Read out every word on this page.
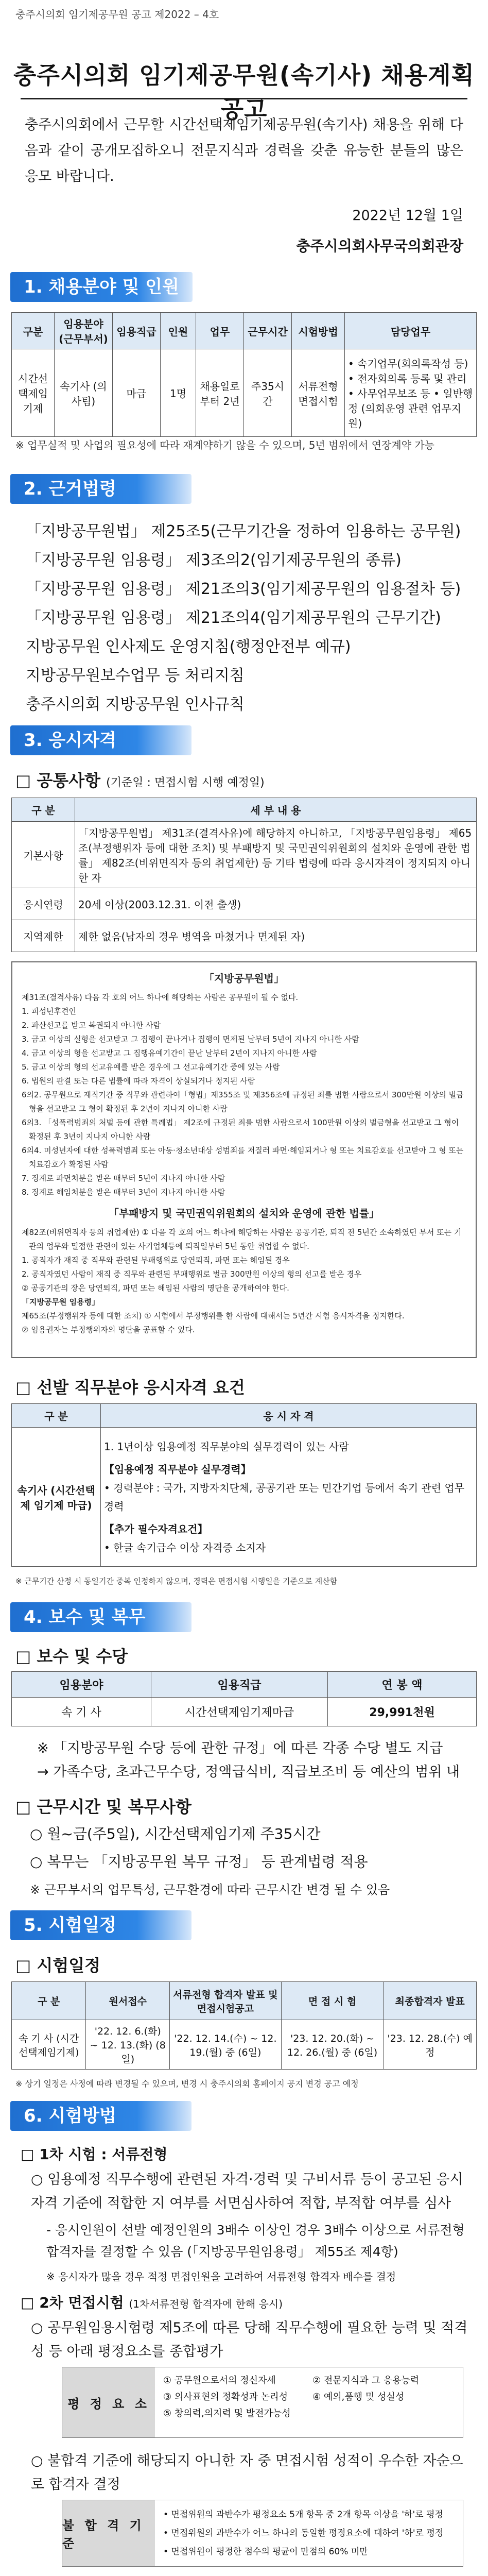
충주시의회 임기제공무원 공고 제2022 – 4호
충주시의회 임기제공무원(속기사) 채용계획 공고
충주시의회에서 근무할 시간선택제임기제공무원(속기사) 채용을 위해 다음과 같이 공개모집하오니 전문지식과 경력을 갖춘 유능한 분들의 많은 응모 바랍니다.
2022년 12월 1일
충주시의회사무국의회관장
1. 채용분야 및 인원
구분	임용분야 (근무부서)	임용직급	인원	업무	근무시간	시험방법	담당업무
시간선택제임기제	속기사 (의사팀)	마급	1명	채용일로부터 2년	주35시간	서류전형 면접시험	• 속기업무(회의록작성 등) • 전자회의록 등록 및 관리 • 사무업무보조 등 • 일반행정 (의회운영 관련 업무지원)
※ 업무실적 및 사업의 필요성에 따라 재계약하기 않을 수 있으며, 5년 범위에서 연장계약 가능
2. 근거법령
「지방공무원법」 제25조5(근무기간을 정하여 임용하는 공무원)
「지방공무원 임용령」 제3조의2(임기제공무원의 종류)
「지방공무원 임용령」 제21조의3(임기제공무원의 임용절차 등)
「지방공무원 임용령」 제21조의4(임기제공무원의 근무기간)
지방공무원 인사제도 운영지침(행정안전부 예규)
지방공무원보수업무 등 처리지침
충주시의회 지방공무원 인사규칙
3. 응시자격
□ 공통사항 (기준일 : 면접시험 시행 예정일)
구 분	세 부 내 용
기본사항	「지방공무원법」 제31조(결격사유)에 해당하지 아니하고, 「지방공무원임용령」 제65조(부정행위자 등에 대한 조치) 및 부패방지 및 국민권익위원회의 설치와 운영에 관한 법률」 제82조(비위면직자 등의 취업제한) 등 기타 법령에 따라 응시자격이 정지되지 아니한 자
응시연령	20세 이상(2003.12.31. 이전 출생)
지역제한	제한 없음(남자의 경우 병역을 마쳤거나 면제된 자)
「지방공무원법」

제31조(결격사유) 다음 각 호의 어느 하나에 해당하는 사람은 공무원이 될 수 없다.

1. 피성년후견인

2. 파산선고를 받고 복권되지 아니한 사람

3. 금고 이상의 실형을 선고받고 그 집행이 끝나거나 집행이 면제된 날부터 5년이 지나지 아니한 사람

4. 금고 이상의 형을 선고받고 그 집행유예기간이 끝난 날부터 2년이 지나지 아니한 사람

5. 금고 이상의 형의 선고유예를 받은 경우에 그 선고유예기간 중에 있는 사람

6. 법원의 판결 또는 다른 법률에 따라 자격이 상실되거나 정지된 사람

6의2. 공무원으로 재직기간 중 직무와 관련하여「형법」제355조 및 제356조에 규정된 죄를 범한 사람으로서 300만원 이상의 벌금형을 선고받고 그 형이 확정된 후 2년이 지나지 아니한 사람

6의3. 「성폭력범죄의 처벌 등에 관한 특례법」 제2조에 규정된 죄를 범한 사람으로서 100만원 이상의 벌금형을 선고받고 그 형이 확정된 후 3년이 지나지 아니한 사람

6의4. 미성년자에 대한 성폭력범죄 또는 아동·청소년대상 성범죄를 저질러 파면·해임되거나 형 또는 치료감호를 선고받아 그 형 또는 치료감호가 확정된 사람

7. 징계로 파면처분을 받은 때부터 5년이 지나지 아니한 사람

8. 징계로 해임처분을 받은 때부터 3년이 지나지 아니한 사람

「부패방지 및 국민권익위원회의 설치와 운영에 관한 법률」

제82조(비위면직자 등의 취업제한) ① 다음 각 호의 어느 하나에 해당하는 사람은 공공기관, 퇴직 전 5년간 소속하였던 부서 또는 기관의 업무와 밀접한 관련이 있는 사기업체등에 퇴직일부터 5년 동안 취업할 수 없다.

1. 공직자가 재직 중 직무와 관련된 부패행위로 당연퇴직, 파면 또는 해임된 경우

2. 공직자였던 사람이 재직 중 직무와 관련된 부패행위로 벌금 300만원 이상의 형의 선고를 받은 경우

② 공공기관의 장은 당연퇴직, 파면 또는 해임된 사람의 명단을 공개하여야 한다.

「지방공무원 임용령」

제65조(부정행위자 등에 대한 조치) ① 시험에서 부정행위를 한 사람에 대해서는 5년간 시험 응시자격을 정지한다.

② 임용권자는 부정행위자의 명단을 공표할 수 있다.

□ 선발 직무분야 응시자격 요건
구 분	응 시 자 격
속기사 (시간선택제 임기제 마급)	1. 1년이상 임용예정 직무분야의 실무경력이 있는 사람
【임용예정 직무분야 실무경력】
• 경력분야 : 국가, 지방자치단체, 공공기관 또는 민간기업 등에서 속기 관련 업무 경력
【추가 필수자격요건】
• 한글 속기급수 이상 자격증 소지자
※ 근무기간 산정 시 동일기간 중복 인정하지 않으며, 경력은 면접시험 시행일을 기준으로 계산함
4. 보수 및 복무
□ 보수 및 수당
임용분야	임용직급	연 봉 액
속 기 사	시간선택제임기제마급	29,991천원
※ 「지방공무원 수당 등에 관한 규정」에 따른 각종 수당 별도 지급
→ 가족수당, 초과근무수당, 정액급식비, 직급보조비 등 예산의 범위 내
□ 근무시간 및 복무사항
○ 월~금(주5일), 시간선택제임기제 주35시간
○ 복무는 「지방공무원 복무 규정」 등 관계법령 적용
※ 근무부서의 업무특성, 근무환경에 따라 근무시간 변경 될 수 있음
5. 시험일정
□ 시험일정
구 분	원서접수	서류전형 합격자 발표 및 면접시험공고	면 접 시 험	최종합격자 발표
속 기 사 (시간선택제임기제)	'22. 12. 6.(화) ~ 12. 13.(화) (8일)	'22. 12. 14.(수) ~ 12. 19.(월) 중 (6일)	'23. 12. 20.(화) ~ 12. 26.(월) 중 (6일)	'23. 12. 28.(수) 예정
※ 상기 일정은 사정에 따라 변경될 수 있으며, 변경 시 충주시의회 홈페이지 공지 변경 공고 예정
6. 시험방법
□ 1차 시험 : 서류전형
○ 임용예정 직무수행에 관련된 자격·경력 및 구비서류 등이 공고된 응시자격 기준에 적합한 지 여부를 서면심사하여 적합, 부적합 여부를 심사
- 응시인원이 선발 예정인원의 3배수 이상인 경우 3배수 이상으로 서류전형 합격자를 결정할 수 있음 (「지방공무원임용령」 제55조 제4항)
※ 응시자가 많을 경우 적정 면접인원을 고려하여 서류전형 합격자 배수를 결정
□ 2차 면접시험 (1차서류전형 합격자에 한해 응시)
○ 공무원임용시험령 제5조에 따른 당해 직무수행에 필요한 능력 및 적격성 등 아래 평정요소를 종합평가
평 정 요 소
① 공무원으로서의 정신자세	② 전문지식과 그 응용능력
③ 의사표현의 정확성과 논리성	④ 예의,품행 및 성실성
⑤ 창의력,의지력 및 발전가능성
○ 불합격 기준에 해당되지 아니한 자 중 면접시험 성적이 우수한 자순으로 합격자 결정
불 합 격 기 준
• 면접위원의 과반수가 평정요소 5개 항목 중 2개 항목 이상을 '하'로 평정
• 면접위원의 과반수가 어느 하나의 동일한 평정요소에 대하여 '하'로 평정
• 면접위원이 평정한 점수의 평균이 만점의 60% 미만
